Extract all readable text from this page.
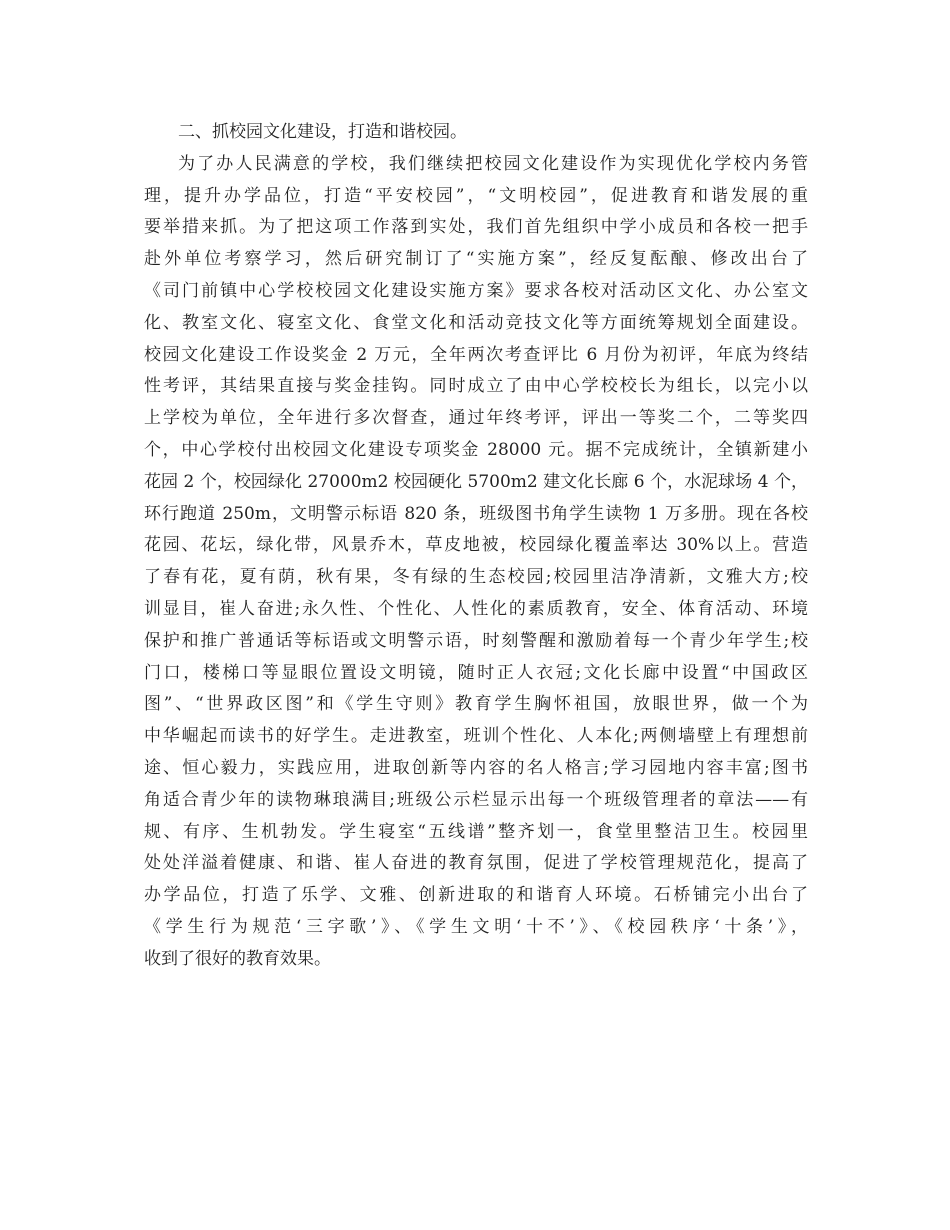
二、抓校园文化建设，打造和谐校园。
为了办人民满意的学校，我们继续把校园文化建设作为实现优化学校内务管
理，提升办学品位，打造“平安校园”，“文明校园”，促进教育和谐发展的重
要举措来抓。为了把这项工作落到实处，我们首先组织中学小成员和各校一把手
赴外单位考察学习，然后研究制订了“实施方案”，经反复酝酿、修改出台了
《司门前镇中心学校校园文化建设实施方案》要求各校对活动区文化、办公室文
化、教室文化、寝室文化、食堂文化和活动竞技文化等方面统筹规划全面建设。
校园文化建设工作设奖金 2 万元，全年两次考查评比 6 月份为初评，年底为终结
性考评，其结果直接与奖金挂钩。同时成立了由中心学校校长为组长，以完小以
上学校为单位，全年进行多次督查，通过年终考评，评出一等奖二个，二等奖四
个，中心学校付出校园文化建设专项奖金 28000 元。据不完成统计，全镇新建小
花园 2 个，校园绿化 27000m2 校园硬化 5700m2 建文化长廊 6 个，水泥球场 4 个，
环行跑道 250m，文明警示标语 820 条，班级图书角学生读物 1 万多册。现在各校
花园、花坛，绿化带，风景乔木，草皮地被，校园绿化覆盖率达 30%以上。营造
了春有花，夏有荫，秋有果，冬有绿的生态校园;校园里洁净清新，文雅大方;校
训显目，崔人奋进;永久性、个性化、人性化的素质教育，安全、体育活动、环境
保护和推广普通话等标语或文明警示语，时刻警醒和激励着每一个青少年学生;校
门口，楼梯口等显眼位置设文明镜，随时正人衣冠;文化长廊中设置“中国政区
图”、“世界政区图”和《学生守则》教育学生胸怀祖国，放眼世界，做一个为
中华崛起而读书的好学生。走进教室，班训个性化、人本化;两侧墙壁上有理想前
途、恒心毅力，实践应用，进取创新等内容的名人格言;学习园地内容丰富;图书
角适合青少年的读物琳琅满目;班级公示栏显示出每一个班级管理者的章法——有
规、有序、生机勃发。学生寝室“五线谱”整齐划一，食堂里整洁卫生。校园里
处处洋溢着健康、和谐、崔人奋进的教育氛围，促进了学校管理规范化，提高了
办学品位，打造了乐学、文雅、创新进取的和谐育人环境。石桥铺完小出台了
《学生行为规范‘三字歌’》、《学生文明‘十不’》、《校园秩序‘十条’》，
收到了很好的教育效果。
